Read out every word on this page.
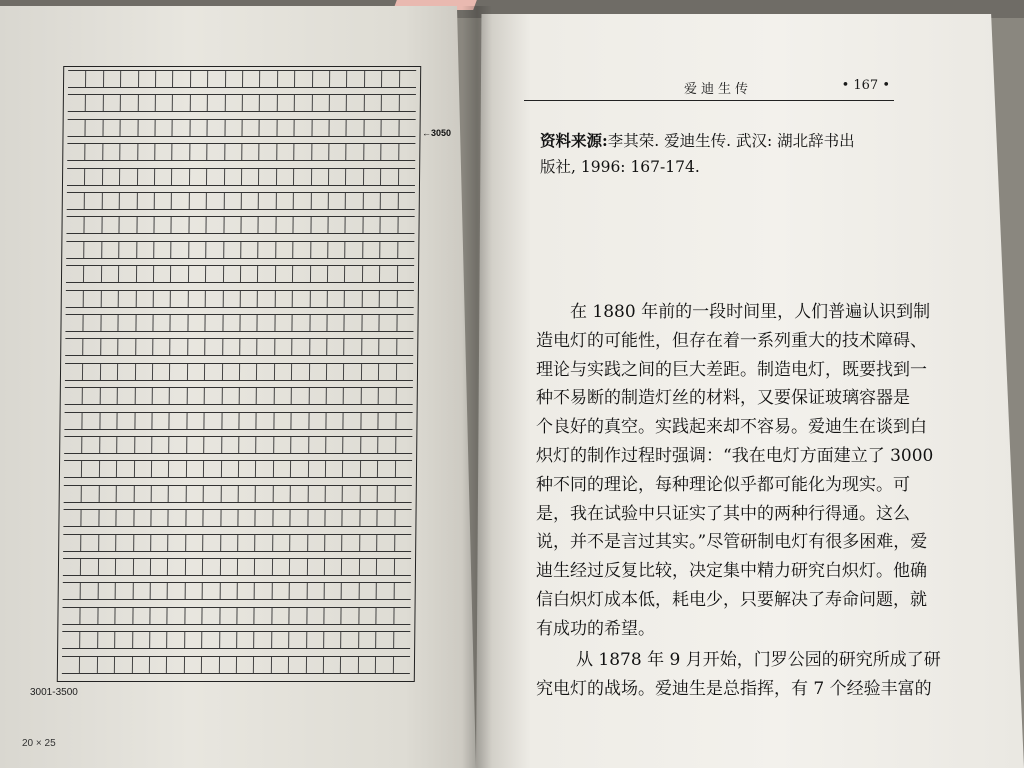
←3050
3001-3500
20 × 25
爱迪生传	• 167 •
资料来源:李其荣. 爱迪生传. 武汉: 湖北辞书出
版社, 1996: 167-174.

在 1880 年前的一段时间里，人们普遍认识到制

造电灯的可能性，但存在着一系列重大的技术障碍、

理论与实践之间的巨大差距。制造电灯，既要找到一

种不易断的制造灯丝的材料，又要保证玻璃容器是

个良好的真空。实践起来却不容易。爱迪生在谈到白

炽灯的制作过程时强调：“我在电灯方面建立了 3000

种不同的理论，每种理论似乎都可能化为现实。可

是，我在试验中只证实了其中的两种行得通。这么

说，并不是言过其实。”尽管研制电灯有很多困难，爱

迪生经过反复比较，决定集中精力研究白炽灯。他确

信白炽灯成本低，耗电少，只要解决了寿命问题，就

有成功的希望。

从 1878 年 9 月开始，门罗公园的研究所成了研

究电灯的战场。爱迪生是总指挥，有 7 个经验丰富的
